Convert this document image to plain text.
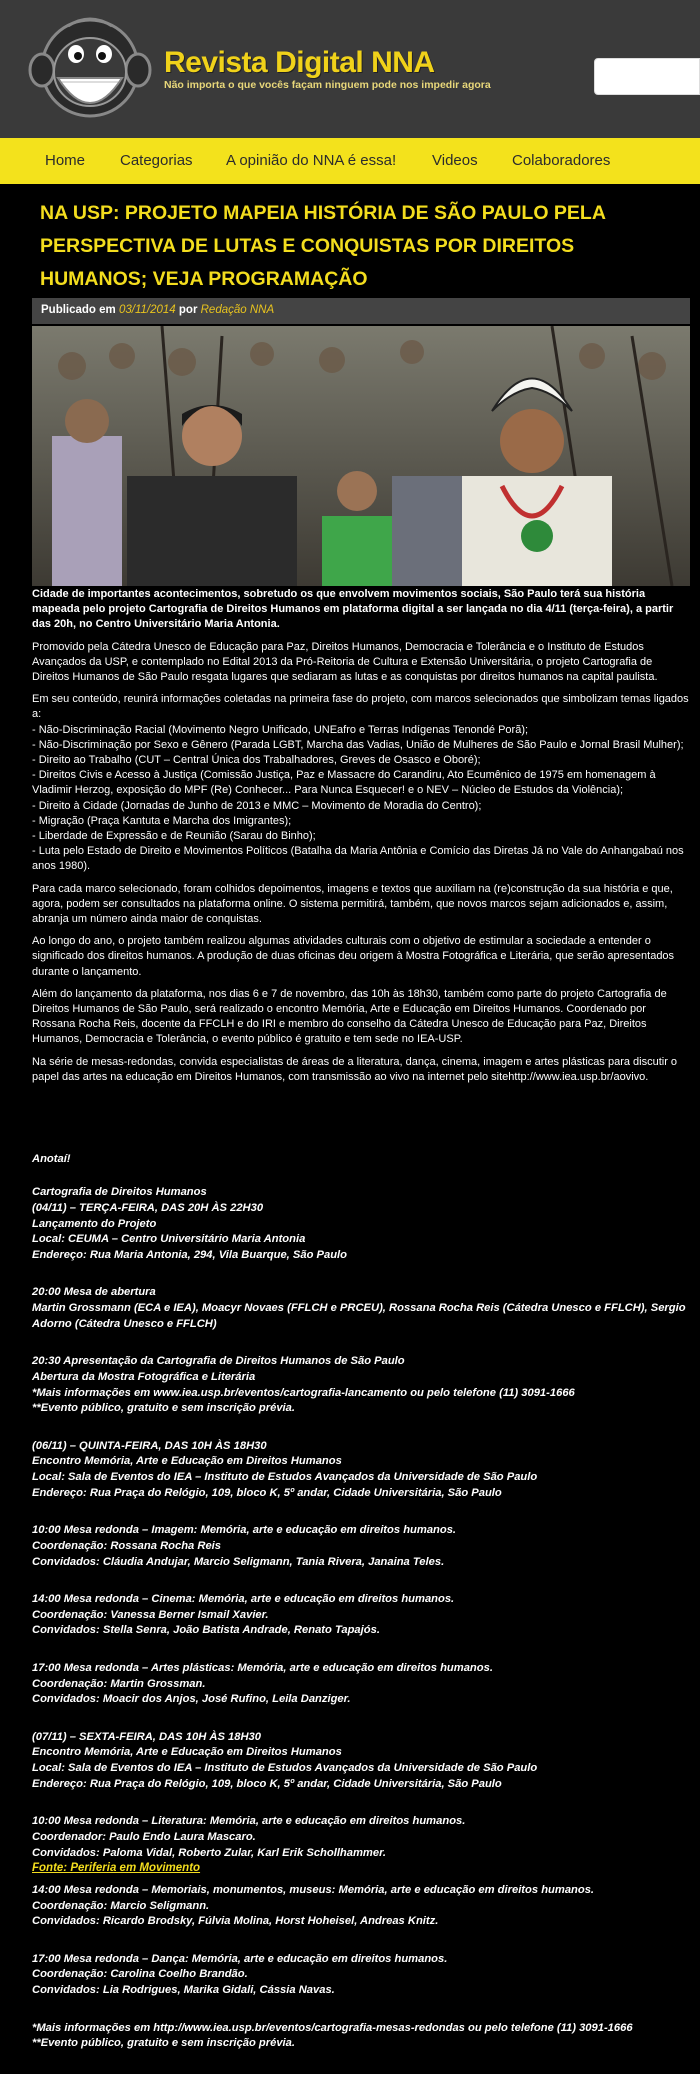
Revista Digital NNA
Não importa o que vocês façam ninguem pode nos impedir agora
Home Categorias A opinião do NNA é essa! Videos Colaboradores
NA USP: PROJETO MAPEIA HISTÓRIA DE SÃO PAULO PELA PERSPECTIVA DE LUTAS E CONQUISTAS POR DIREITOS HUMANOS; VEJA PROGRAMAÇÃO
Publicado em 03/11/2014 por Redação NNA

Cidade de importantes acontecimentos, sobretudo os que envolvem movimentos sociais, São Paulo terá sua história mapeada pelo projeto Cartografia de Direitos Humanos em plataforma digital a ser lançada no dia 4/11 (terça-feira), a partir das 20h, no Centro Universitário Maria Antonia.

Promovido pela Cátedra Unesco de Educação para Paz, Direitos Humanos, Democracia e Tolerância e o Instituto de Estudos Avançados da USP, e contemplado no Edital 2013 da Pró-Reitoria de Cultura e Extensão Universitária, o projeto Cartografia de Direitos Humanos de São Paulo resgata lugares que sediaram as lutas e as conquistas por direitos humanos na capital paulista.

Em seu conteúdo, reunirá informações coletadas na primeira fase do projeto, com marcos selecionados que simbolizam temas ligados a:
- Não-Discriminação Racial (Movimento Negro Unificado, UNEafro e Terras Indígenas Tenondé Porã);
- Não-Discriminação por Sexo e Gênero (Parada LGBT, Marcha das Vadias, União de Mulheres de São Paulo e Jornal Brasil Mulher);
- Direito ao Trabalho (CUT – Central Única dos Trabalhadores, Greves de Osasco e Oboré);
- Direitos Civis e Acesso à Justiça (Comissão Justiça, Paz e Massacre do Carandiru, Ato Ecumênico de 1975 em homenagem à Vladimir Herzog, exposição do MPF (Re) Conhecer... Para Nunca Esquecer! e o NEV – Núcleo de Estudos da Violência);
- Direito à Cidade (Jornadas de Junho de 2013 e MMC – Movimento de Moradia do Centro);
- Migração (Praça Kantuta e Marcha dos Imigrantes);
- Liberdade de Expressão e de Reunião (Sarau do Binho);
- Luta pelo Estado de Direito e Movimentos Políticos (Batalha da Maria Antônia e Comício das Diretas Já no Vale do Anhangabaú nos anos 1980).

Para cada marco selecionado, foram colhidos depoimentos, imagens e textos que auxiliam na (re)construção da sua história e que, agora, podem ser consultados na plataforma online. O sistema permitirá, também, que novos marcos sejam adicionados e, assim, abranja um número ainda maior de conquistas.

Ao longo do ano, o projeto também realizou algumas atividades culturais com o objetivo de estimular a sociedade a entender o significado dos direitos humanos. A produção de duas oficinas deu origem à Mostra Fotográfica e Literária, que serão apresentados durante o lançamento.

Além do lançamento da plataforma, nos dias 6 e 7 de novembro, das 10h às 18h30, também como parte do projeto Cartografia de Direitos Humanos de São Paulo, será realizado o encontro Memória, Arte e Educação em Direitos Humanos. Coordenado por Rossana Rocha Reis, docente da FFCLH e do IRI e membro do conselho da Cátedra Unesco de Educação para Paz, Direitos Humanos, Democracia e Tolerância, o evento público é gratuito e tem sede no IEA-USP.

Na série de mesas-redondas, convida especialistas de áreas de a literatura, dança, cinema, imagem e artes plásticas para discutir o papel das artes na educação em Direitos Humanos, com transmissão ao vivo na internet pelo sitehttp://www.iea.usp.br/aovivo.

Anotaí!

Cartografia de Direitos Humanos
(04/11) – TERÇA-FEIRA, DAS 20H ÀS 22H30
Lançamento do Projeto
Local: CEUMA – Centro Universitário Maria Antonia
Endereço: Rua Maria Antonia, 294, Vila Buarque, São Paulo

20:00 Mesa de abertura
Martin Grossmann (ECA e IEA), Moacyr Novaes (FFLCH e PRCEU), Rossana Rocha Reis (Cátedra Unesco e FFLCH), Sergio Adorno (Cátedra Unesco e FFLCH)

20:30 Apresentação da Cartografia de Direitos Humanos de São Paulo
Abertura da Mostra Fotográfica e Literária
*Mais informações em www.iea.usp.br/eventos/cartografia-lancamento ou pelo telefone (11) 3091-1666
**Evento público, gratuito e sem inscrição prévia.

(06/11) – QUINTA-FEIRA, DAS 10H ÀS 18H30
Encontro Memória, Arte e Educação em Direitos Humanos
Local: Sala de Eventos do IEA – Instituto de Estudos Avançados da Universidade de São Paulo
Endereço: Rua Praça do Relógio, 109, bloco K, 5º andar, Cidade Universitária, São Paulo

10:00 Mesa redonda – Imagem: Memória, arte e educação em direitos humanos.
Coordenação: Rossana Rocha Reis
Convidados: Cláudia Andujar, Marcio Seligmann, Tania Rivera, Janaina Teles.

14:00 Mesa redonda – Cinema: Memória, arte e educação em direitos humanos.
Coordenação: Vanessa Berner Ismail Xavier.
Convidados: Stella Senra, João Batista Andrade, Renato Tapajós.

17:00 Mesa redonda – Artes plásticas: Memória, arte e educação em direitos humanos.
Coordenação: Martin Grossman.
Convidados: Moacir dos Anjos, José Rufino, Leila Danziger.

(07/11) – SEXTA-FEIRA, DAS 10H ÀS 18H30
Encontro Memória, Arte e Educação em Direitos Humanos
Local: Sala de Eventos do IEA – Instituto de Estudos Avançados da Universidade de São Paulo
Endereço: Rua Praça do Relógio, 109, bloco K, 5º andar, Cidade Universitária, São Paulo

10:00 Mesa redonda – Literatura: Memória, arte e educação em direitos humanos.
Coordenador: Paulo Endo Laura Mascaro.
Convidados: Paloma Vidal, Roberto Zular, Karl Erik Schollhammer.

14:00 Mesa redonda – Memoriais, monumentos, museus: Memória, arte e educação em direitos humanos.
Coordenação: Marcio Seligmann.
Convidados: Ricardo Brodsky, Fúlvia Molina, Horst Hoheisel, Andreas Knitz.

17:00 Mesa redonda – Dança: Memória, arte e educação em direitos humanos.
Coordenação: Carolina Coelho Brandão.
Convidados: Lia Rodrigues, Marika Gidali, Cássia Navas.

*Mais informações em http://www.iea.usp.br/eventos/cartografia-mesas-redondas ou pelo telefone (11) 3091-1666
**Evento público, gratuito e sem inscrição prévia.

Fonte: Periferia em Movimento
